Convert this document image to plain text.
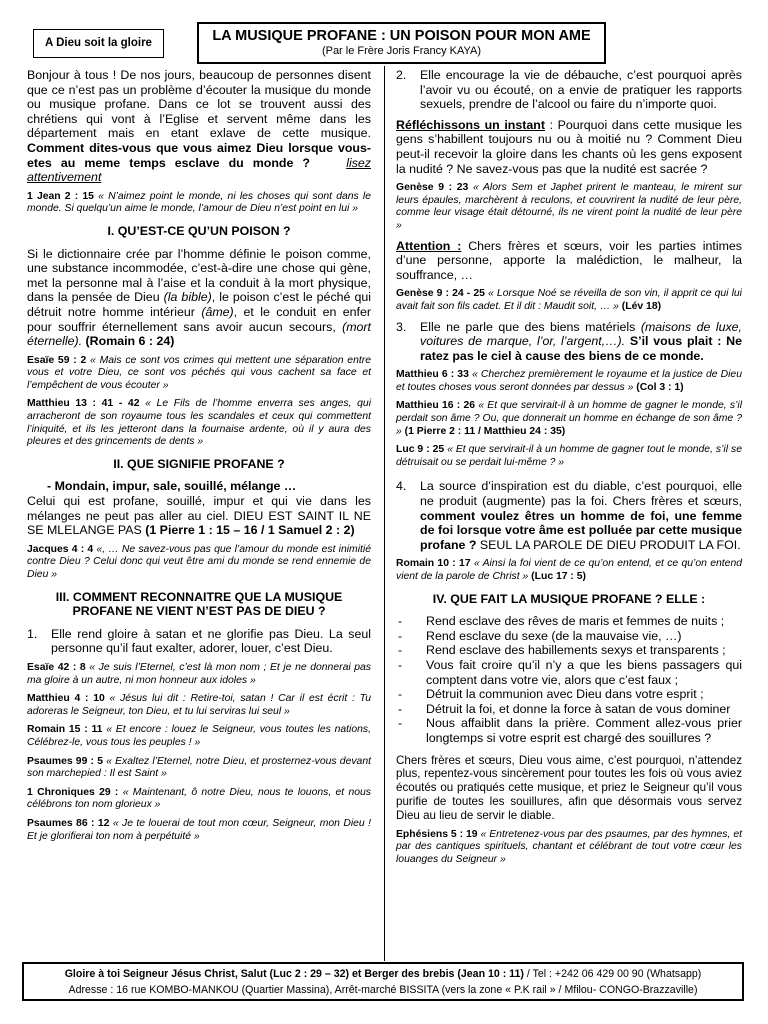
A Dieu soit la gloire	LA MUSIQUE PROFANE : UN POISON POUR MON AME
(Par le Frère Joris Francy KAYA)

Bonjour à tous ! De nos jours, beaucoup de personnes disent que ce n’est pas un problème d’écouter la musique du monde ou musique profane. Dans ce lot se trouvent aussi des chrétiens qui vont à l’Eglise et servent même dans les département mais en etant exlave de cette musique. Comment dites-vous que vous aimez Dieu lorsque vous-etes au meme temps esclave du monde ?	lisez attentivement

1 Jean 2 : 15 « N’aimez point le monde, ni les choses qui sont dans le monde. Si quelqu’un aime le monde, l’amour de Dieu n’est point en lui »

I. QU’EST-CE QU’UN POISON ?

Si le dictionnaire crée par l’homme définie le poison comme, une substance incommodée, c’est-à-dire une chose qui gène, met la personne mal à l’aise et la conduit à la mort physique, dans la pensée de Dieu (la bible), le poison c’est le péché qui détruit notre homme intérieur (âme), et le conduit en enfer pour souffrir éternellement sans avoir aucun secours, (mort éternelle). (Romain 6 : 24)

Esaïe 59 : 2 « Mais ce sont vos crimes qui mettent une séparation entre vous et votre Dieu, ce sont vos péchés qui vous cachent sa face et l’empêchent de vous écouter »

Matthieu 13 : 41 - 42 « Le Fils de l’homme enverra ses anges, qui arracheront de son royaume tous les scandales et ceux qui commettent l’iniquité, et ils les jetteront dans la fournaise ardente, où il y aura des pleures et des grincements de dents »

II. QUE SIGNIFIE PROFANE ?
- Mondain, impur, sale, souillé, mélange …

Celui qui est profane, souillé, impur et qui vie dans les mélanges ne peut pas aller au ciel. DIEU EST SAINT IL NE SE MLELANGE PAS (1 Pierre 1 : 15 – 16 / 1 Samuel 2 : 2)

Jacques 4 : 4 «, … Ne savez-vous pas que l’amour du monde est inimitié contre Dieu ? Celui donc qui veut être ami du monde se rend ennemie de Dieu »

III. COMMENT RECONNAITRE QUE LA MUSIQUE PROFANE NE VIENT N’EST PAS DE DIEU ?
1.	Elle rend gloire à satan et ne glorifie pas Dieu. La seul personne qu’il faut exalter, adorer, louer, c’est Dieu.

Esaïe 42 : 8 « Je suis l’Eternel, c’est là mon nom ; Et je ne donnerai pas ma gloire à un autre, ni mon honneur aux idoles »

Matthieu 4 : 10 « Jésus lui dit : Retire-toi, satan ! Car il est écrit : Tu adoreras le Seigneur, ton Dieu, et tu lui serviras lui seul »

Romain 15 : 11 « Et encore : louez le Seigneur, vous toutes les nations, Célébrez-le, vous tous les peuples ! »

Psaumes 99 : 5 « Exaltez l’Eternel, notre Dieu, et prosternez-vous devant son marchepied : Il est Saint »

1 Chroniques 29 : « Maintenant, ô notre Dieu, nous te louons, et nous célébrons ton nom glorieux »

Psaumes 86 : 12 « Je te louerai de tout mon cœur, Seigneur, mon Dieu ! Et je glorifierai ton nom à perpétuité »

2.	Elle encourage la vie de débauche, c’est pourquoi après l’avoir vu ou écouté, on a envie de pratiquer les rapports sexuels, prendre de l’alcool ou faire du n’importe quoi.

Réfléchissons un instant : Pourquoi dans cette musique les gens s’habillent toujours nu ou à moitié nu ? Comment Dieu peut-il recevoir la gloire dans les chants où les gens exposent la nudité ? Ne savez-vous pas que la nudité est sacrée ?

Genèse 9 : 23 « Alors Sem et Japhet prirent le manteau, le mirent sur leurs épaules, marchèrent à reculons, et couvrirent la nudité de leur père, comme leur visage était détourné, ils ne virent point la nudité de leur père »

Attention : Chers frères et sœurs, voir les parties intimes d’une personne, apporte la malédiction, le malheur, la souffrance, …

Genèse 9 : 24 - 25 « Lorsque Noé se réveilla de son vin, il apprit ce qui lui avait fait son fils cadet. Et il dit : Maudit soit, … » (Lév 18)

3.	Elle ne parle que des biens matériels (maisons de luxe, voitures de marque, l’or, l’argent,…). S’il vous plait : Ne ratez pas le ciel à cause des biens de ce monde.

Matthieu 6 : 33 « Cherchez premièrement le royaume et la justice de Dieu et toutes choses vous seront données par dessus » (Col 3 : 1)

Matthieu 16 : 26 « Et que servirait-il à un homme de gagner le monde, s’il perdait son âme ? Ou, que donnerait un homme en échange de son âme ? » (1 Pierre 2 : 11 / Matthieu 24 : 35)

Luc 9 : 25 « Et que servirait-il à un homme de gagner tout le monde, s’il se détruisait ou se perdait lui-même ? »

4.	La source d’inspiration est du diable, c’est pourquoi, elle ne produit (augmente) pas la foi. Chers frères et sœurs, comment voulez êtres un homme de foi, une femme de foi lorsque votre âme est polluée par cette musique profane ? SEUL LA PAROLE DE DIEU PRODUIT LA FOI.

Romain 10 : 17 « Ainsi la foi vient de ce qu’on entend, et ce qu’on entend vient de la parole de Christ » (Luc 17 : 5)

IV. QUE FAIT LA MUSIQUE PROFANE ? ELLE :
-	Rend esclave des rêves de maris et femmes de nuits ;
-	Rend esclave du sexe (de la mauvaise vie, …)
-	Rend esclave des habillements sexys et transparents ;
-	Vous fait croire qu’il n’y a que les biens passagers qui comptent dans votre vie, alors que c’est faux ;
-	Détruit la communion avec Dieu dans votre esprit ;
-	Détruit la foi, et donne la force à satan de vous dominer
-	Nous affaiblit dans la prière. Comment allez-vous prier longtemps si votre esprit est chargé des souillures ?

Chers frères et sœurs, Dieu vous aime, c’est pourquoi, n’attendez plus, repentez-vous sincèrement pour toutes les fois où vous aviez écoutés ou pratiqués cette musique, et priez le Seigneur qu’il vous purifie de toutes les souillures, afin que désormais vous servez Dieu au lieu de servir le diable.

Ephésiens 5 : 19 « Entretenez-vous par des psaumes, par des hymnes, et par des cantiques spirituels, chantant et célébrant de tout votre cœur les louanges du Seigneur »

Gloire à toi Seigneur Jésus Christ, Salut (Luc 2 : 29 – 32) et Berger des brebis (Jean 10 : 11) / Tel : +242 06 429 00 90 (Whatsapp)
Adresse : 16 rue KOMBO-MANKOU (Quartier Massina), Arrêt-marché BISSITA (vers la zone « P.K rail » / Mfilou- CONGO-Brazzaville)
